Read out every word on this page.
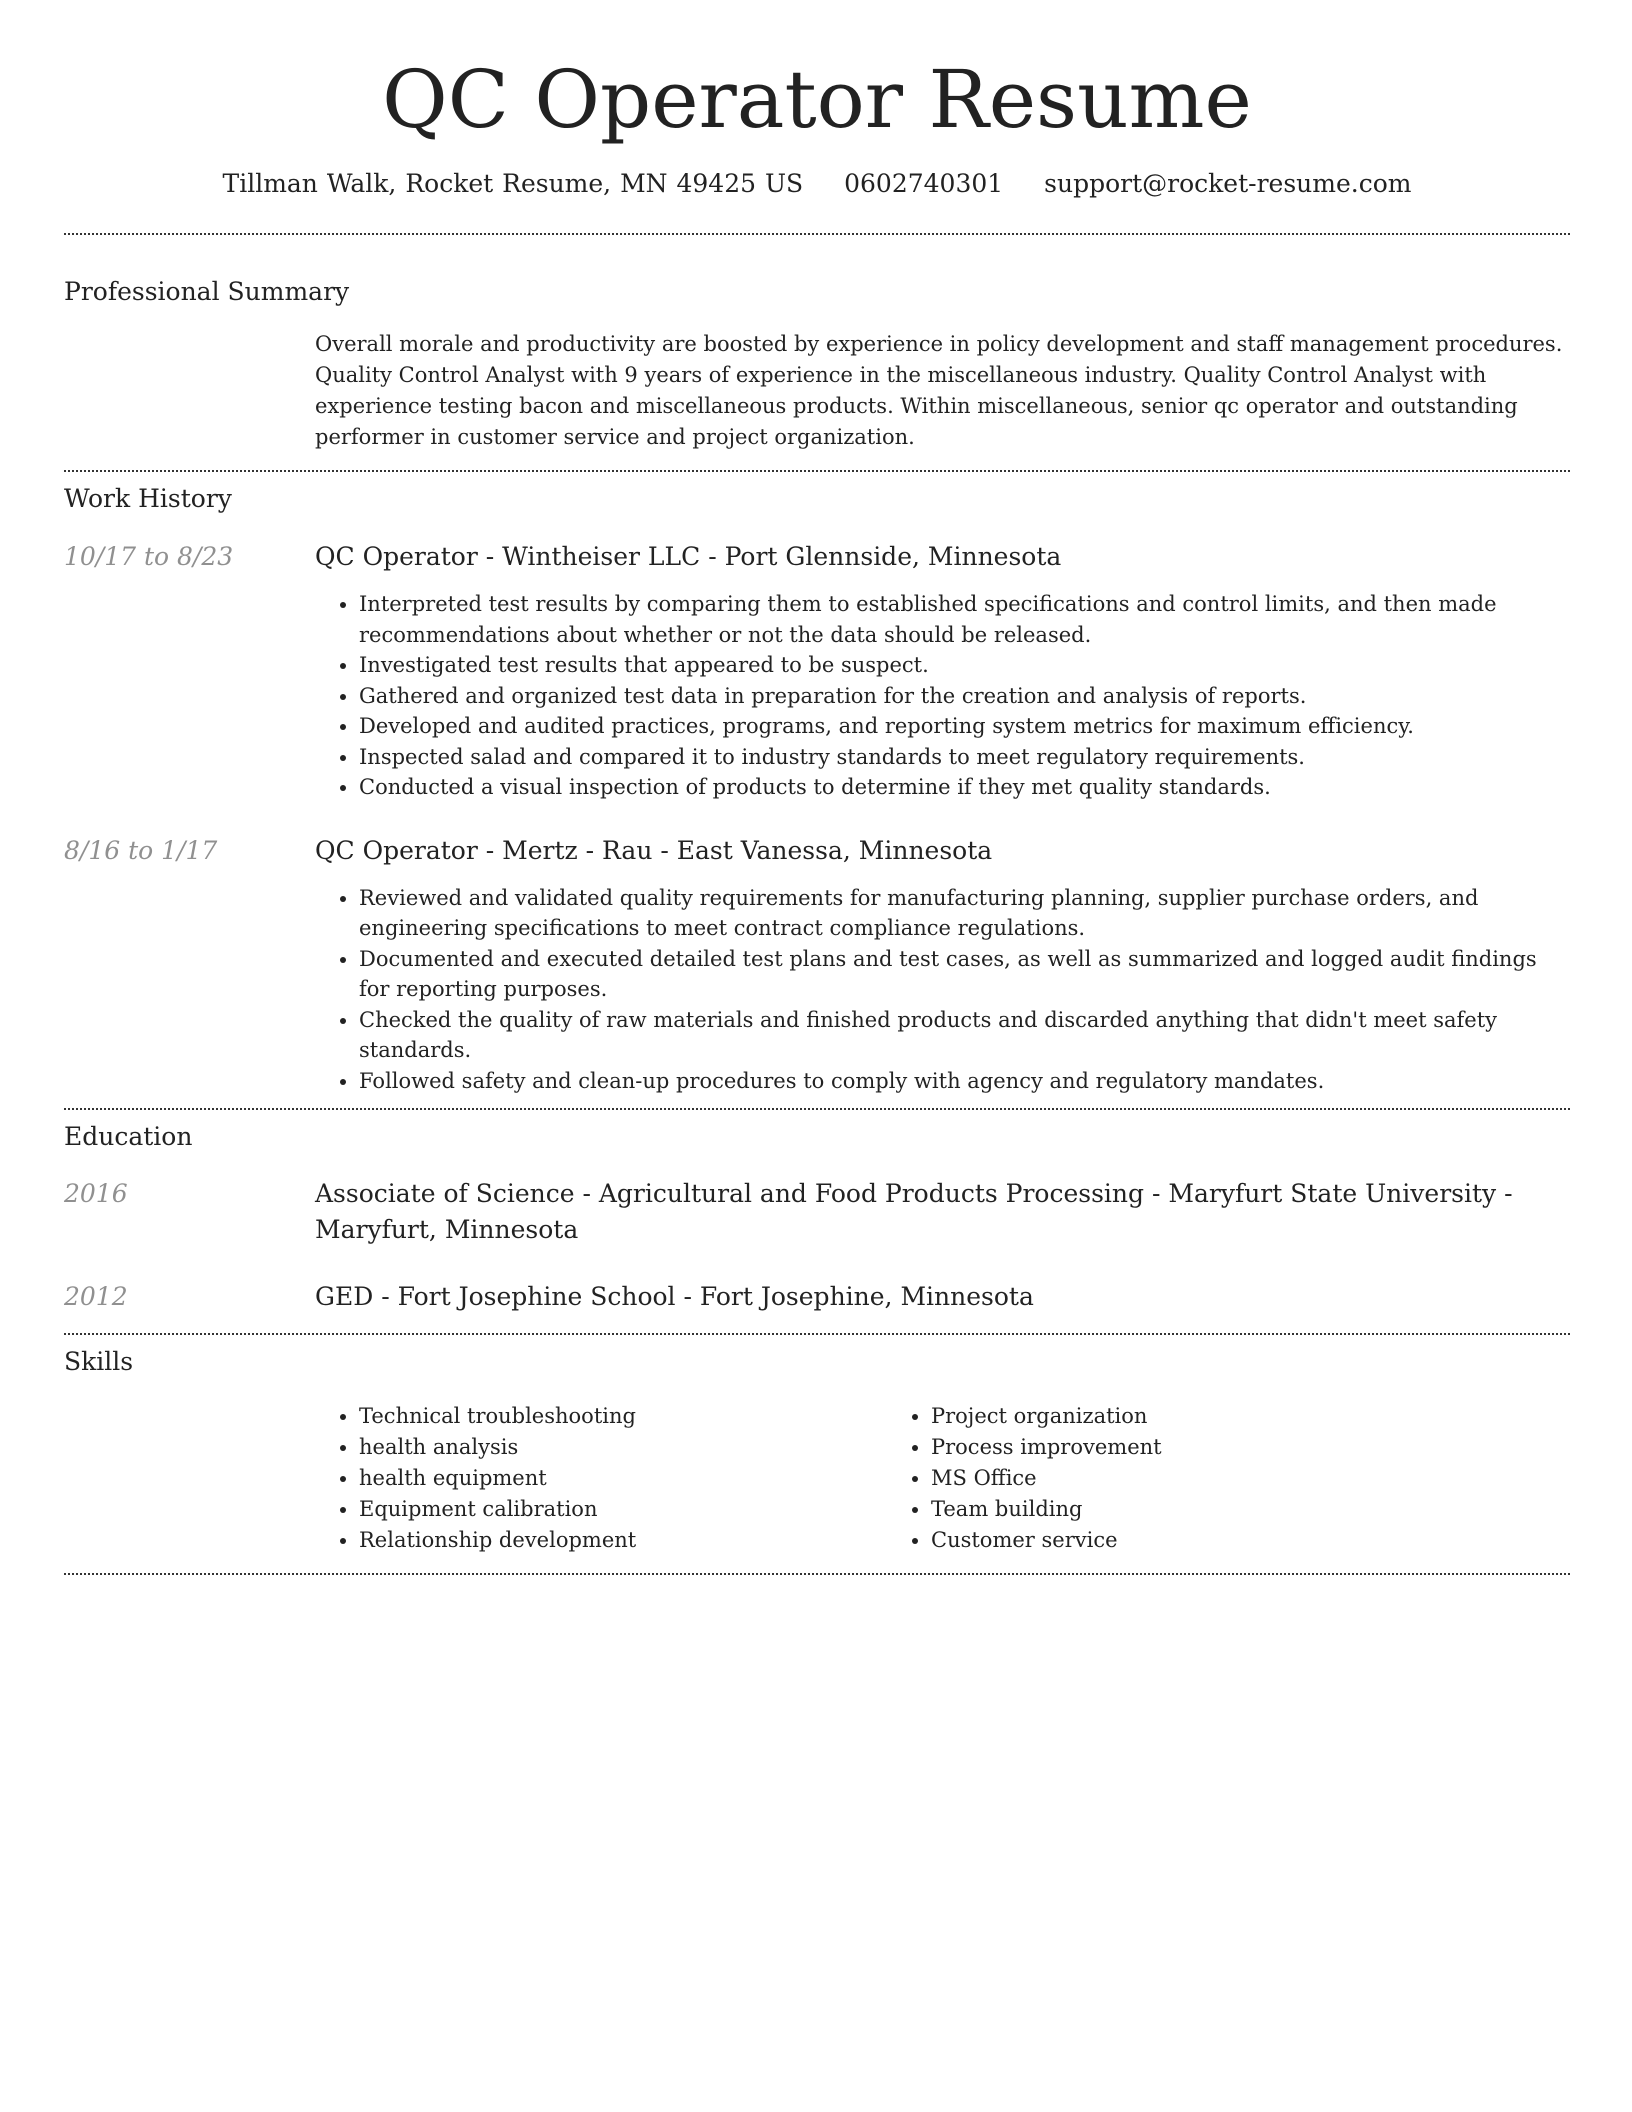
QC Operator Resume
Tillman Walk, Rocket Resume, MN 49425 US 0602740301 support@rocket-resume.com
Professional Summary

Overall morale and productivity are boosted by experience in policy development and staff management procedures. Quality Control Analyst with 9 years of experience in the miscellaneous industry. Quality Control Analyst with experience testing bacon and miscellaneous products. Within miscellaneous, senior qc operator and outstanding performer in customer service and project organization.

Work History
10/17 to 8/23	QC Operator - Wintheiser LLC - Port Glennside, Minnesota

• Interpreted test results by comparing them to established specifications and control limits, and then made recommendations about whether or not the data should be released.
• Investigated test results that appeared to be suspect.
• Gathered and organized test data in preparation for the creation and analysis of reports.
• Developed and audited practices, programs, and reporting system metrics for maximum efficiency.
• Inspected salad and compared it to industry standards to meet regulatory requirements.
• Conducted a visual inspection of products to determine if they met quality standards.
8/16 to 1/17	QC Operator - Mertz - Rau - East Vanessa, Minnesota

• Reviewed and validated quality requirements for manufacturing planning, supplier purchase orders, and engineering specifications to meet contract compliance regulations.
• Documented and executed detailed test plans and test cases, as well as summarized and logged audit findings for reporting purposes.
• Checked the quality of raw materials and finished products and discarded anything that didn't meet safety standards.
• Followed safety and clean-up procedures to comply with agency and regulatory mandates.
Education
2016	Associate of Science - Agricultural and Food Products Processing - Maryfurt State University - Maryfurt, Minnesota

2012	GED - Fort Josephine School - Fort Josephine, Minnesota

Skills
• Technical troubleshooting
• health analysis
• health equipment
• Equipment calibration
• Relationship development
• Project organization
• Process improvement
• MS Office
• Team building
• Customer service
